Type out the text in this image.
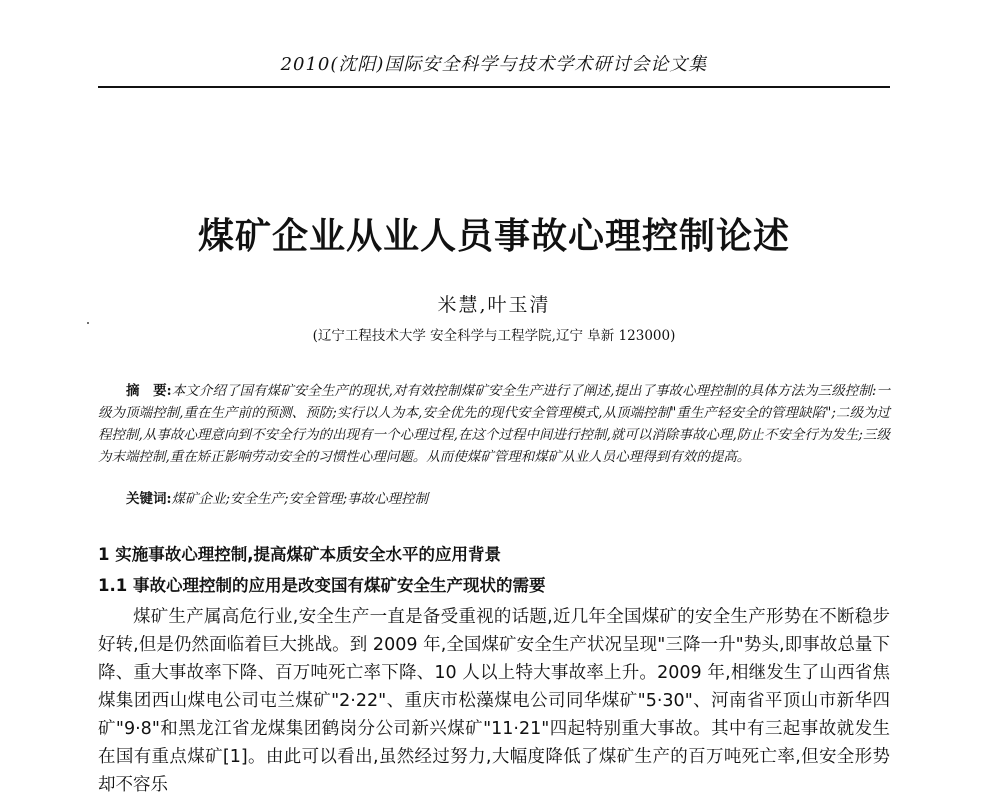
2010(沈阳)国际安全科学与技术学术研讨会论文集
煤矿企业从业人员事故心理控制论述
米慧,叶玉清
(辽宁工程技术大学 安全科学与工程学院,辽宁 阜新 123000)
摘　要:本文介绍了国有煤矿安全生产的现状,对有效控制煤矿安全生产进行了阐述,提出了事故心理控制的具体方法为三级控制:一级为顶端控制,重在生产前的预测、预防;实行以人为本,安全优先的现代安全管理模式,从顶端控制"重生产轻安全的管理缺陷";二级为过程控制,从事故心理意向到不安全行为的出现有一个心理过程,在这个过程中间进行控制,就可以消除事故心理,防止不安全行为发生;三级为末端控制,重在矫正影响劳动安全的习惯性心理问题。从而使煤矿管理和煤矿从业人员心理得到有效的提高。
关键词:煤矿企业;安全生产;安全管理;事故心理控制
1 实施事故心理控制,提高煤矿本质安全水平的应用背景
1.1 事故心理控制的应用是改变国有煤矿安全生产现状的需要
煤矿生产属高危行业,安全生产一直是备受重视的话题,近几年全国煤矿的安全生产形势在不断稳步好转,但是仍然面临着巨大挑战。到 2009 年,全国煤矿安全生产状况呈现"三降一升"势头,即事故总量下降、重大事故率下降、百万吨死亡率下降、10 人以上特大事故率上升。2009 年,相继发生了山西省焦煤集团西山煤电公司屯兰煤矿"2·22"、重庆市松藻煤电公司同华煤矿"5·30"、河南省平顶山市新华四矿"9·8"和黑龙江省龙煤集团鹤岗分公司新兴煤矿"11·21"四起特别重大事故。其中有三起事故就发生在国有重点煤矿[1]。由此可以看出,虽然经过努力,大幅度降低了煤矿生产的百万吨死亡率,但安全形势却不容乐
